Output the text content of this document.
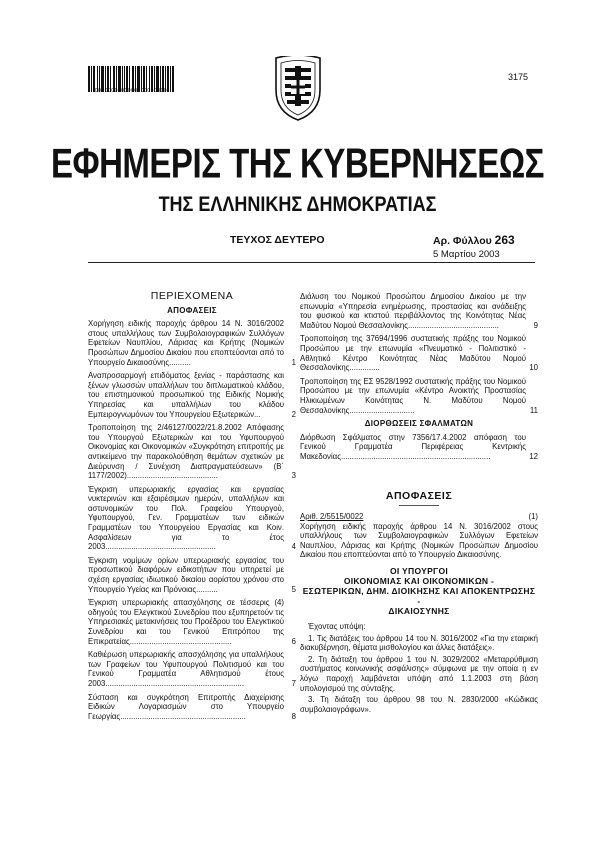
0000000000000000000000
3175
ΕΦΗΜΕΡΙΣ ΤΗΣ ΚΥΒΕΡΝΗΣΕΩΣ
ΤΗΣ ΕΛΛΗΝΙΚΗΣ ΔΗΜΟΚΡΑΤΙΑΣ
ΤΕΥΧΟΣ ΔΕΥΤΕΡΟ	Αρ. Φύλλου 263
5 Μαρτίου 2003
ΠΕΡΙΕΧΟΜΕΝΑ
ΑΠΟΦΑΣΕΙΣ
Χορήγηση ειδικής παροχής άρθρου 14 Ν. 3016/2002 στους υπαλλήλους των Συμβολαιογραφικών Συλλόγων Εφετείων Ναυπλίου, Λάρισας και Κρήτης (Νομικών Προσώπων Δημοσίου Δικαίου που εποπτεύονται από το Υπουργείο Δικαιοσύνης..........	1
Αναπροσαρμογή επιδόματος ξενίας - παράστασης και ξένων γλωσσών υπαλλήλων του διπλωματικού κλάδου, του επιστημονικού προσωπικού της Ειδικής Νομικής Υπηρεσίας και υπαλλήλων του κλάδου Εμπειρογνωμόνων του Υπουργείου Εξωτερικών...	2
Τροποποίηση της 2/46127/0022/21.8.2002 Απόφασης του Υπουργού Εξωτερικών και του Υφυπουργού Οικονομίας και Οικονομικών «Συγκρότηση επιτροπής με αντικείμενο την παρακολούθηση θεμάτων σχετικών με Διεύρυνση / Συνέχιση Διαπραγματεύσεων» (Β΄ 1177/2002)..........................................	3
Έγκριση υπερωριακής εργασίας και εργασίας νυκτερινών και εξαιρέσιμων ημερών, υπαλλήλων και αστυνομικών του Πολ. Γραφείου Υπουργού, Υφυπουργού, Γεν. Γραμματέων των ειδικών Γραμματέων του Υπουργείου Εργασίας και Κοιν. Ασφαλίσεων για το έτος 2003...................................................	4
Έγκριση νομίμων ορίων υπερωριακής εργασίας του προσωπικού διαφόρων ειδικοτήτων που υπηρετεί με σχέση εργασίας ιδιωτικού δικαίου αορίστου χρόνου στο Υπουργείο Υγείας και Πρόνοιας..........	5
Έγκριση υπερωριακής απασχόλησης σε τέσσερις (4) οδηγούς του Ελεγκτικού Συνεδρίου που εξυπηρετούν τις Υπηρεσιακές μετακινήσεις του Προέδρου του Ελεγκτικού Συνεδρίου και του Γενικού Επιτρόπου της Επικρατείας...............................................	6
Καθιέρωση υπερωριακής απασχόλησης για υπαλλήλους των Γραφείων του Υφυπουργού Πολιτισμού και του Γενικού Γραμματέα Αθλητισμού έτους 2003................................................................	7
Σύσταση και συγκρότηση Επιτροπής Διαχείρισης Ειδικών Λογαριασμών στο Υπουργείο Γεωργίας..........................................................	8
Διάλυση του Νομικού Προσώπου Δημοσίου Δικαίου με την επωνυμία «Υπηρεσία ενημέρωσης, προστασίας και ανάδειξης του φυσικού και κτιστού περιβάλλοντος της Κοινότητας Νέας Μαδύτου Νομού Θεσσαλονίκης..........................................	9
Τροποποίηση της 37694/1996 συστατικής πράξης του Νομικού Προσώπου με την επωνυμία «Πνευματικό - Πολιτιστικό - Αθλητικό Κέντρο Κοινότητας Νέας Μαδύτου Νομού Θεσσαλονίκης..............	10
Τροποποίηση της ΕΣ 9528/1992 συστατικής πράξης του Νομικού Προσώπου με την επωνυμία «Κέντρο Ανοικτής Προστασίας Ηλικιωμένων Κοινότητας Ν. Μαδύτου Νομού Θεσσαλονίκης..............................	11
ΔΙΟΡΘΩΣΕΙΣ ΣΦΑΛΜΑΤΩΝ
Διόρθωση Σφάλματος στην 7356/17.4.2002 απόφαση του Γενικού Γραμματέα Περιφέρειας Κεντρικής Μακεδονίας.....................................................................	12
ΑΠΟΦΑΣΕΙΣ
Αριθ. 2/5515/0022	(1)
Χορήγηση ειδικής παροχής άρθρου 14 Ν. 3016/2002 στους υπαλλήλους των Συμβολαιογραφικών Συλλόγων Εφετείων Ναυπλίου, Λάρισας και Κρήτης (Νομικών Προσώπων Δημοσίου Δικαίου που εποπτεύονται από το Υπουργείο Δικαιοσύνης.
ΟΙ ΥΠΟΥΡΓΟΙ
ΟΙΚΟΝΟΜΙΑΣ ΚΑΙ ΟΙΚΟΝΟΜΙΚΩΝ -
ΕΣΩΤΕΡΙΚΩΝ, ΔΗΜ. ΔΙΟΙΚΗΣΗΣ ΚΑΙ ΑΠΟΚΕΝΤΡΩΣΗΣ -
ΔΙΚΑΙΟΣΥΝΗΣ

Έχοντας υπόψη:

1. Τις διατάξεις του άρθρου 14 του Ν. 3016/2002 «Για την εταιρική διακυβέρνηση, θέματα μισθολογίου και άλλες διατάξεις».

2. Τη διάταξη του άρθρου 1 του Ν. 3029/2002 «Μεταρρύθμιση συστήματος κοινωνικής ασφάλισης» σύμφωνα με την οποία η εν λόγω παροχή λαμβάνεται υπόψη από 1.1.2003 στη βάση υπολογισμού της σύνταξης.

3. Τη διάταξη του άρθρου 98 του Ν. 2830/2000 «Κώδικας συμβολαιογράφων».
